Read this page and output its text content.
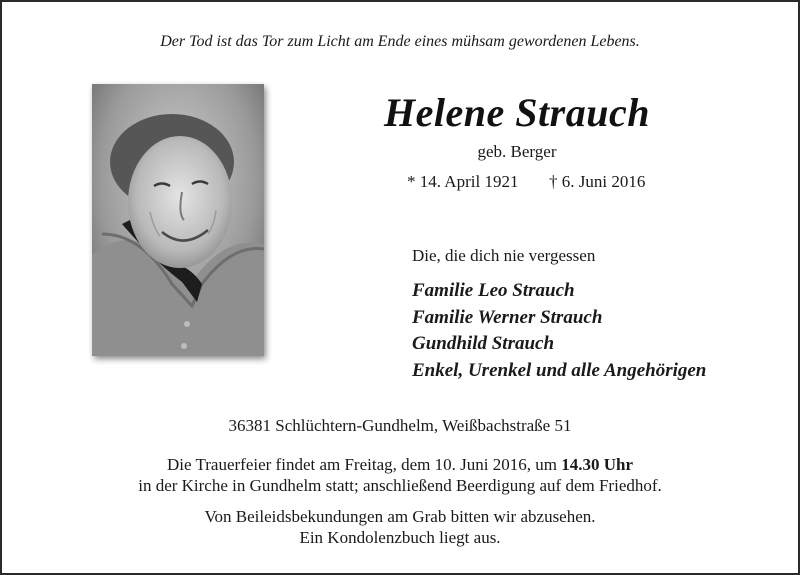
Der Tod ist das Tor zum Licht am Ende eines mühsam gewordenen Lebens.
Helene Strauch
geb. Berger
* 14. April 1921 † 6. Juni 2016
Die, die dich nie vergessen
Familie Leo Strauch
Familie Werner Strauch
Gundhild Strauch
Enkel, Urenkel und alle Angehörigen
36381 Schlüchtern-Gundhelm, Weißbachstraße 51
Die Trauerfeier findet am Freitag, dem 10. Juni 2016, um 14.30 Uhr
in der Kirche in Gundhelm statt; anschließend Beerdigung auf dem Friedhof.
Von Beileidsbekundungen am Grab bitten wir abzusehen.
Ein Kondolenzbuch liegt aus.
